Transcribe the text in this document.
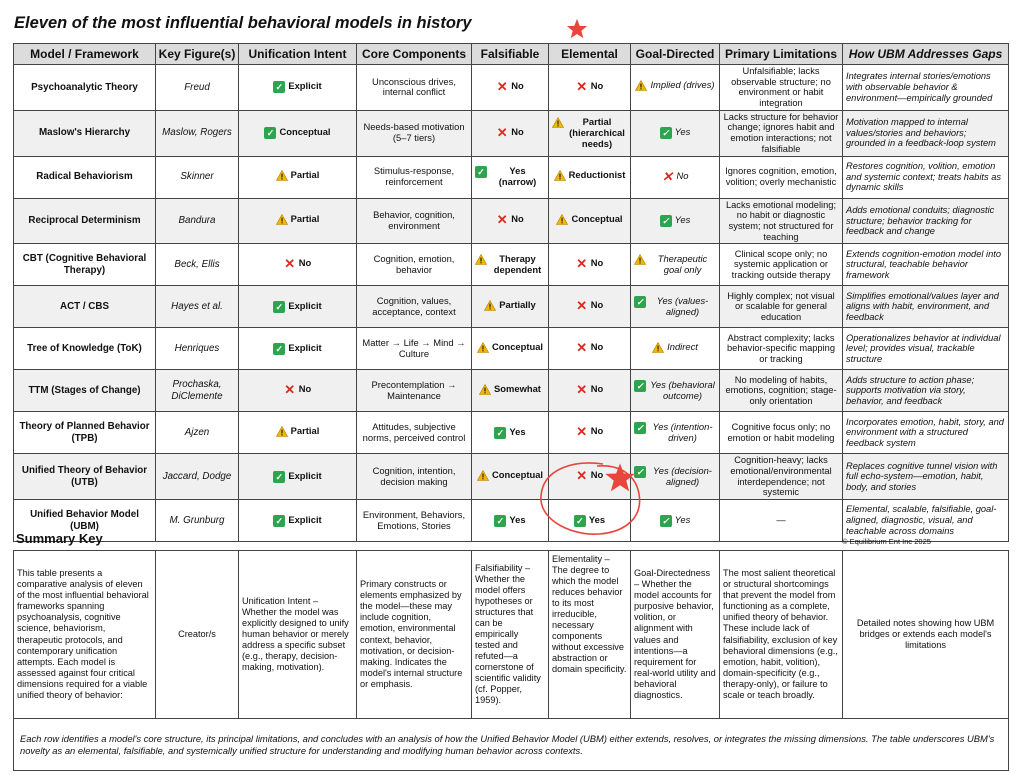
Eleven of the most influential behavioral models in history
Model / Framework	Key Figure(s)	Unification Intent	Core Components	Falsifiable	Elemental	Goal-Directed	Primary Limitations	How UBM Addresses Gaps
Psychoanalytic Theory	Freud	✓ Explicit	Unconscious drives, internal conflict	✕ No	✕ No	Implied (drives)	Unfalsifiable; lacks observable structure; no environment or habit integration	Integrates internal stories/emotions with observable behavior & environment—empirically grounded
Maslow's Hierarchy	Maslow, Rogers	✓ Conceptual	Needs-based motivation (5–7 tiers)	✕ No	Partial (hierarchical needs)	✓ Yes	Lacks structure for behavior change; ignores habit and emotion interactions; not falsifiable	Motivation mapped to internal values/stories and behaviors; grounded in a feedback-loop system
Radical Behaviorism	Skinner	Partial	Stimulus-response, reinforcement	✓ Yes (narrow)	Reductionist	✕ No	Ignores cognition, emotion, volition; overly mechanistic	Restores cognition, volition, emotion and systemic context; treats habits as dynamic skills
Reciprocal Determinism	Bandura	Partial	Behavior, cognition, environment	✕ No	Conceptual	✓ Yes	Lacks emotional modeling; no habit or diagnostic system; not structured for teaching	Adds emotional conduits; diagnostic structure; behavior tracking for feedback and change
CBT (Cognitive Behavioral Therapy)	Beck, Ellis	✕ No	Cognition, emotion, behavior	Therapy dependent	✕ No	Therapeutic goal only	Clinical scope only; no systemic application or tracking outside therapy	Extends cognition-emotion model into structural, teachable behavior framework
ACT / CBS	Hayes et al.	✓ Explicit	Cognition, values, acceptance, context	Partially	✕ No	✓ Yes (values-aligned)	Highly complex; not visual or scalable for general education	Simplifies emotional/values layer and aligns with habit, environment, and feedback
Tree of Knowledge (ToK)	Henriques	✓ Explicit	Matter → Life → Mind → Culture	Conceptual	✕ No	Indirect	Abstract complexity; lacks behavior-specific mapping or tracking	Operationalizes behavior at individual level; provides visual, trackable structure
TTM (Stages of Change)	Prochaska, DiClemente	✕ No	Precontemplation → Maintenance	Somewhat	✕ No	✓ Yes (behavioral outcome)	No modeling of habits, emotions, cognition; stage-only orientation	Adds structure to action phase; supports motivation via story, behavior, and feedback
Theory of Planned Behavior (TPB)	Ajzen	Partial	Attitudes, subjective norms, perceived control	✓ Yes	✕ No	✓ Yes (intention-driven)	Cognitive focus only; no emotion or habit modeling	Incorporates emotion, habit, story, and environment with a structured feedback system
Unified Theory of Behavior (UTB)	Jaccard, Dodge	✓ Explicit	Cognition, intention, decision making	Conceptual	✕ No	✓ Yes (decision-aligned)	Cognition-heavy; lacks emotional/environmental interdependence; not systemic	Replaces cognitive tunnel vision with full echo-system—emotion, habit, body, and stories
Unified Behavior Model (UBM)	M. Grunburg	✓ Explicit	Environment, Behaviors, Emotions, Stories	✓ Yes	✓ Yes	✓ Yes	—	Elemental, scalable, falsifiable, goal-aligned, diagnostic, visual, and teachable across domains
Summary Key	© Equilibrium Ent Inc 2025
This table presents a comparative analysis of eleven of the most influential behavioral frameworks spanning psychoanalysis, cognitive science, behaviorism, therapeutic protocols, and contemporary unification attempts. Each model is assessed against four critical dimensions required for a viable unified theory of behavior:	Creator/s	Unification Intent – Whether the model was explicitly designed to unify human behavior or merely address a specific subset (e.g., therapy, decision-making, motivation).	Primary constructs or elements emphasized by the model—these may include cognition, emotion, environmental context, behavior, motivation, or decision-making. Indicates the model's internal structure or emphasis.	Falsifiability – Whether the model offers hypotheses or structures that can be empirically tested and refuted—a cornerstone of scientific validity (cf. Popper, 1959).	Elementality – The degree to which the model reduces behavior to its most irreducible, necessary components without excessive abstraction or domain specificity.	Goal-Directedness – Whether the model accounts for purposive behavior, volition, or alignment with values and intentions—a requirement for real-world utility and behavioral diagnostics.	The most salient theoretical or structural shortcomings that prevent the model from functioning as a complete, unified theory of behavior. These include lack of falsifiability, exclusion of key behavioral dimensions (e.g., emotion, habit, volition), domain-specificity (e.g., therapy-only), or failure to scale or teach broadly.	Detailed notes showing how UBM bridges or extends each model's limitations
Each row identifies a model's core structure, its principal limitations, and concludes with an analysis of how the Unified Behavior Model (UBM) either extends, resolves, or integrates the missing dimensions. The table underscores UBM's novelty as an elemental, falsifiable, and systemically unified structure for understanding and modifying human behavior across contexts.
